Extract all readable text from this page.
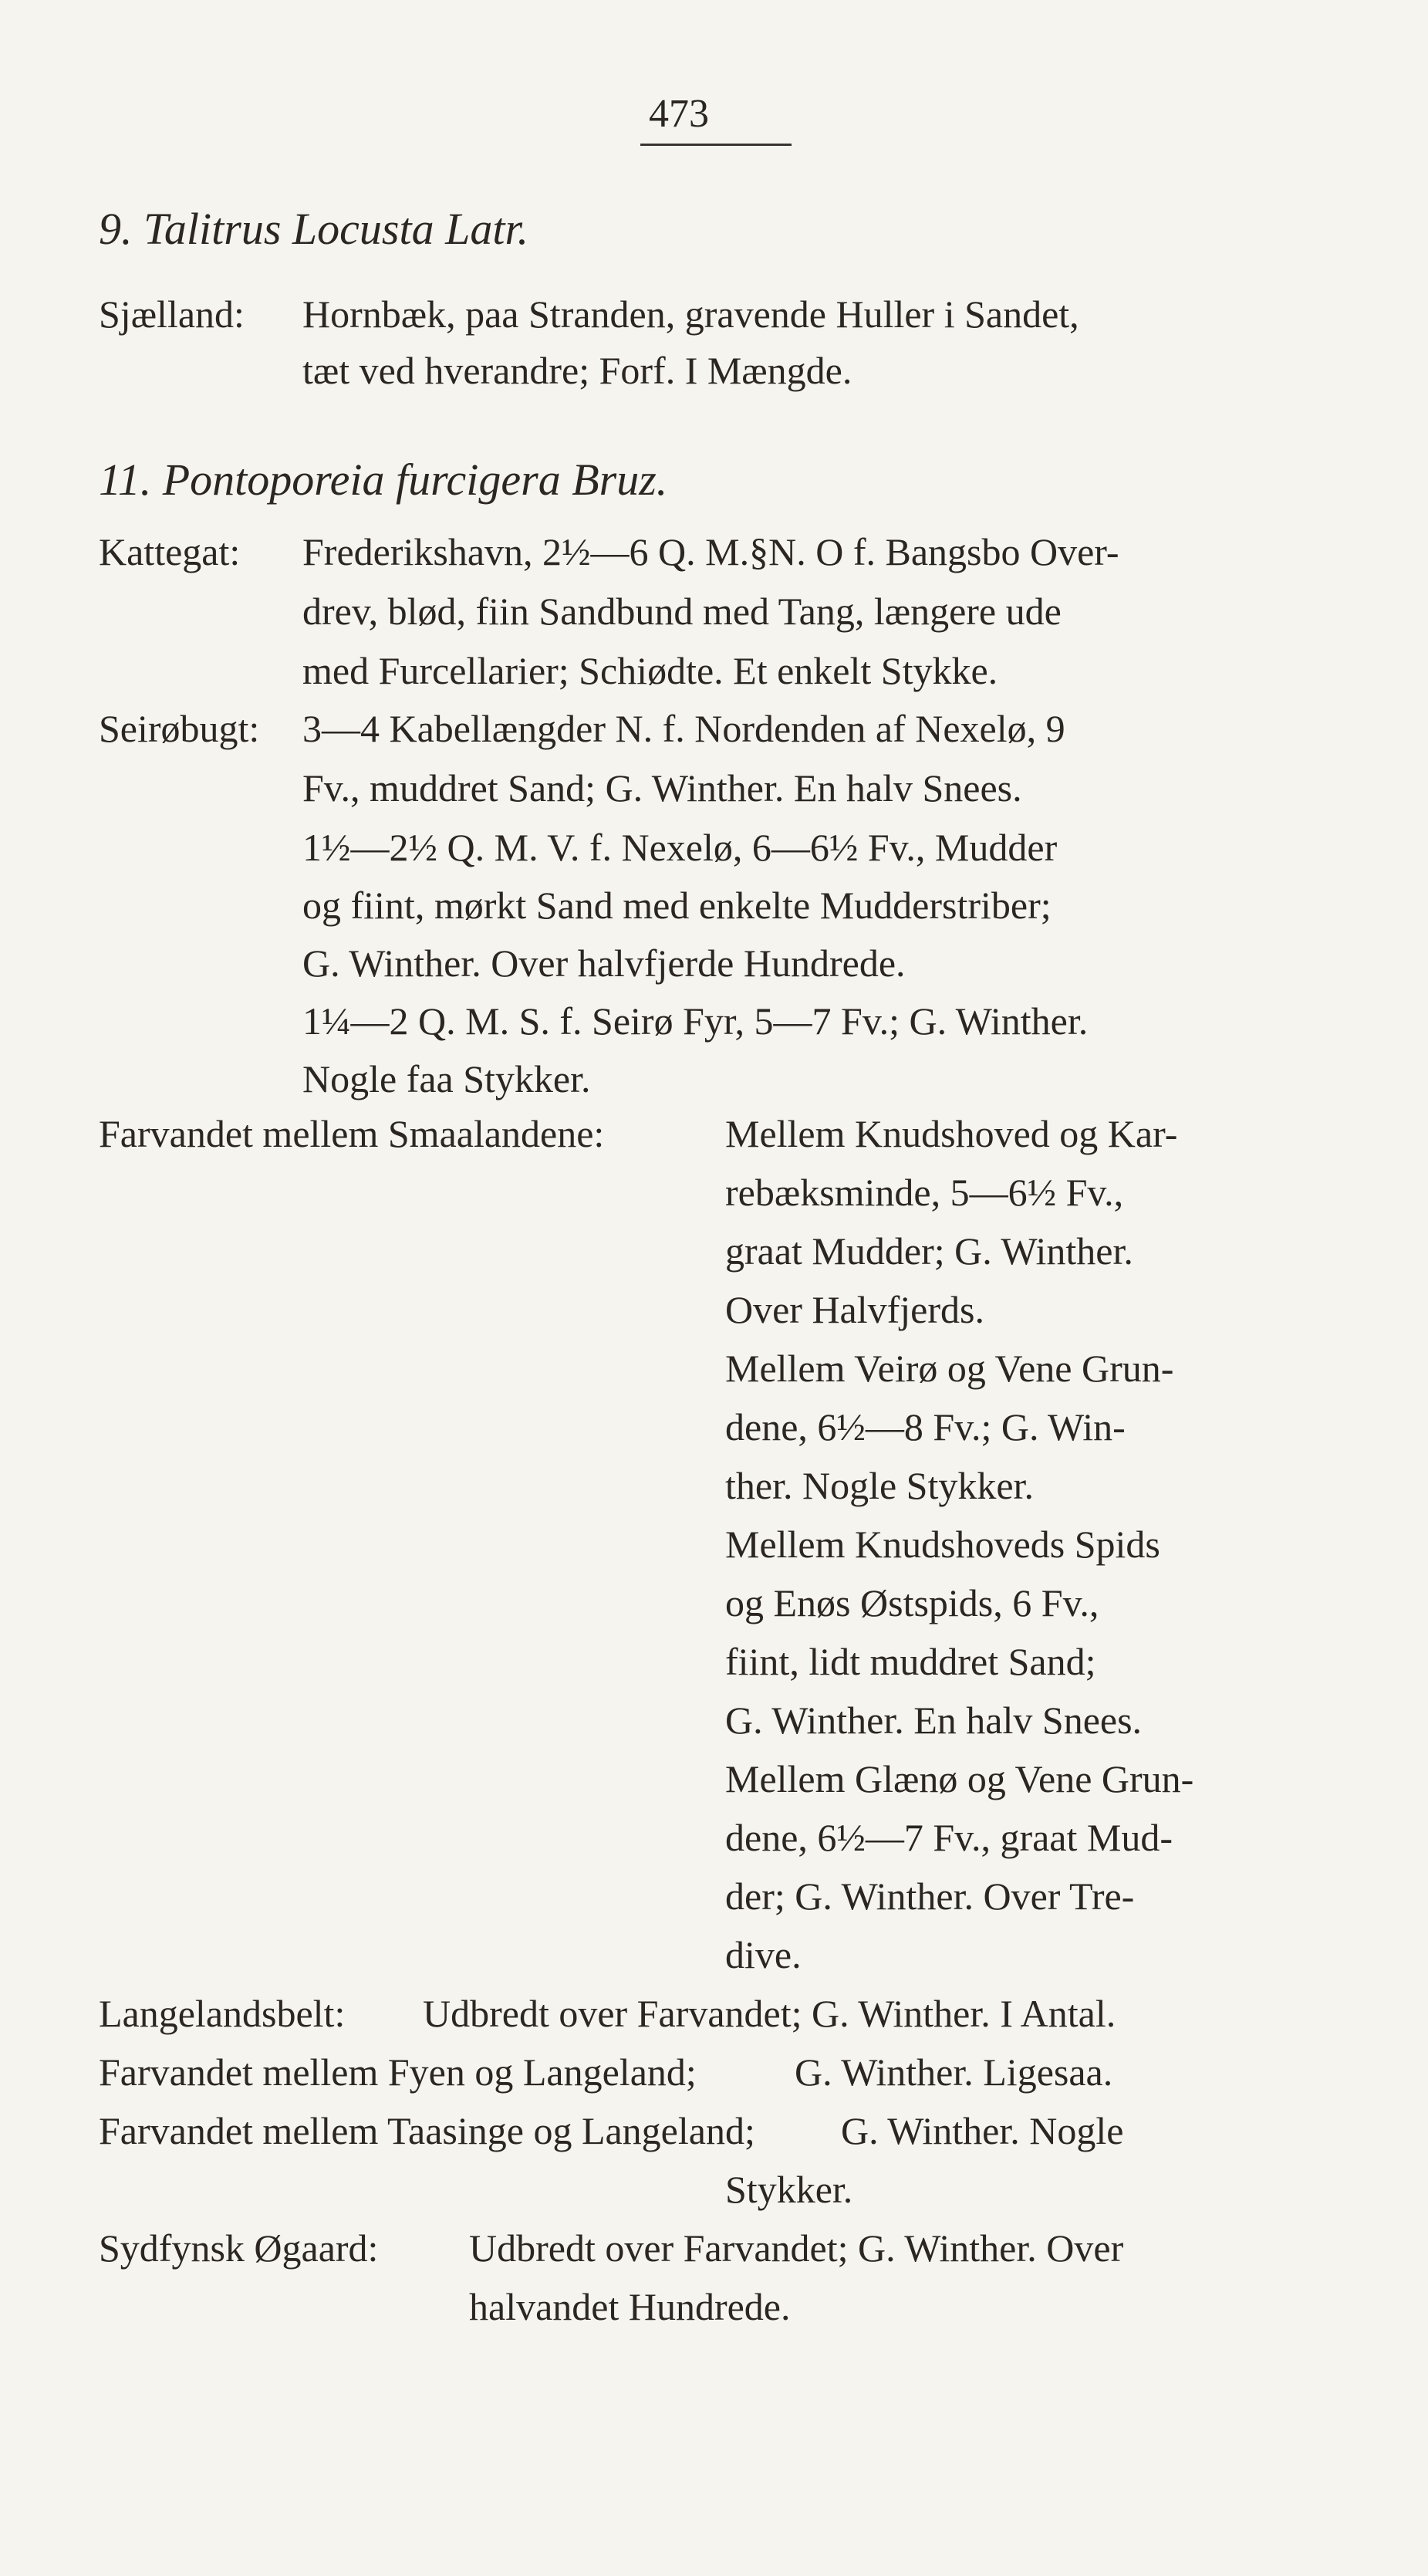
473
9. Talitrus Locusta Latr.
Sjælland: Hornbæk, paa Stranden, gravende Huller i Sandet,
tæt ved hverandre; Forf. I Mængde.
11. Pontoporeia furcigera Bruz.
Kattegat: Frederikshavn, 2½—6 Q. M.§N. O f. Bangsbo Over-
drev, blød, fiin Sandbund med Tang, længere ude
med Furcellarier; Schiødte. Et enkelt Stykke.
Seirøbugt: 3—4 Kabellængder N. f. Nordenden af Nexelø, 9
Fv., muddret Sand; G. Winther. En halv Snees.
1½—2½ Q. M. V. f. Nexelø, 6—6½ Fv., Mudder
og fiint, mørkt Sand med enkelte Mudderstriber;
G. Winther. Over halvfjerde Hundrede.
1¼—2 Q. M. S. f. Seirø Fyr, 5—7 Fv.; G. Winther.
Nogle faa Stykker.
Farvandet mellem Smaalandene:	Mellem Knudshoved og Kar-
rebæksminde, 5—6½ Fv.,
graat Mudder; G. Winther.
Over Halvfjerds.
Mellem Veirø og Vene Grun-
dene, 6½—8 Fv.; G. Win-
ther. Nogle Stykker.
Mellem Knudshoveds Spids
og Enøs Østspids, 6 Fv.,
fiint, lidt muddret Sand;
G. Winther. En halv Snees.
Mellem Glænø og Vene Grun-
dene, 6½—7 Fv., graat Mud-
der; G. Winther. Over Tre-
dive.
Langelandsbelt: Udbredt over Farvandet; G. Winther. I Antal.
Farvandet mellem Fyen og Langeland;	G. Winther. Ligesaa.
Farvandet mellem Taasinge og Langeland; G. Winther. Nogle
Stykker.
Sydfynsk Øgaard: Udbredt over Farvandet; G. Winther. Over
halvandet Hundrede.
